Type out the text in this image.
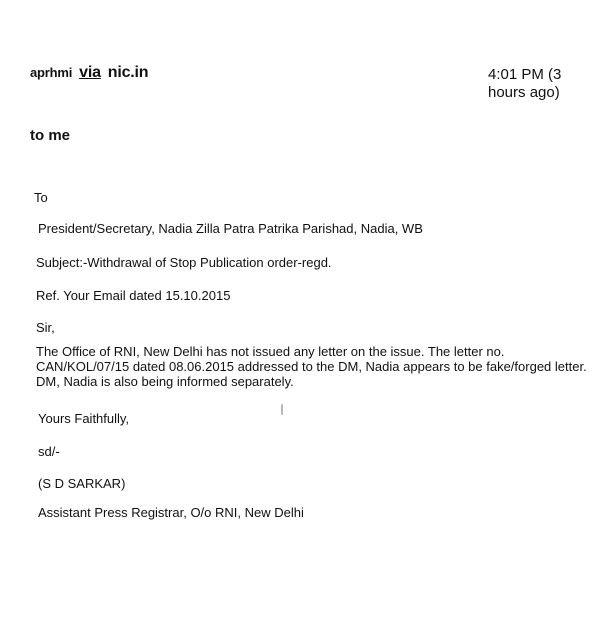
aprhmi via nic.in	4:01 PM (3
hours ago)
to me
To
President/Secretary, Nadia Zilla Patra Patrika Parishad, Nadia, WB
Subject:-Withdrawal of Stop Publication order-regd.
Ref. Your Email dated 15.10.2015
Sir,
The Office of RNI, New Delhi has not issued any letter on the issue. The letter no. CAN/KOL/07/15 dated 08.06.2015 addressed to the DM, Nadia appears to be fake/forged letter. DM, Nadia is also being informed separately.
Yours Faithfully,
sd/-
(S D SARKAR)
Assistant Press Registrar, O/o RNI, New Delhi
